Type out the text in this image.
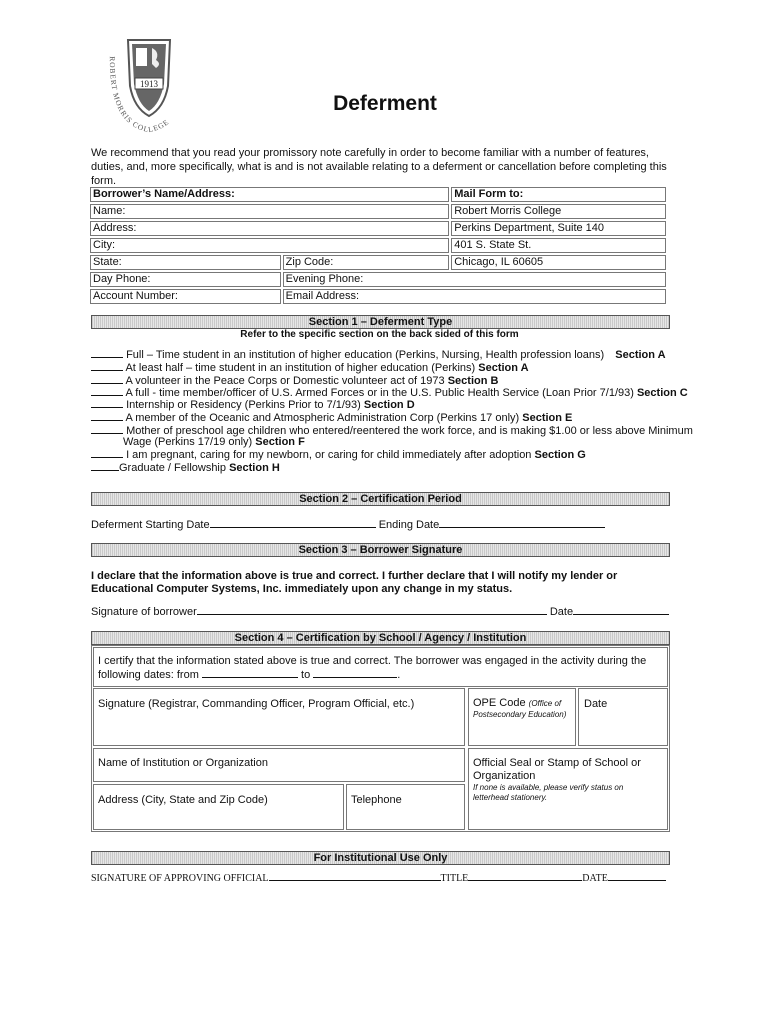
1913
ROBERT MORRIS COLLEGE
Deferment
We recommend that you read your promissory note carefully in order to become familiar with a number of features, duties, and, more specifically, what is and is not available relating to a deferment or cancellation before completing this form.
Borrower’s Name/Address:		Mail Form to:
Name:		Robert Morris College
Address:		Perkins Department, Suite 140
City:		401 S. State St.
State:	Zip Code:	Chicago, IL 60605
Day Phone:	Evening Phone:	
Account Number:	Email Address:	
Section 1 – Deferment Type
Refer to the specific section on the back sided of this form
Full – Time student in an institution of higher education (Perkins, Nursing, Health profession loans) Section A
At least half – time student in an institution of higher education (Perkins) Section A
A volunteer in the Peace Corps or Domestic volunteer act of 1973 Section B
A full - time member/officer of U.S. Armed Forces or in the U.S. Public Health Service (Loan Prior 7/1/93) Section C
Internship or Residency (Perkins Prior to 7/1/93) Section D
A member of the Oceanic and Atmospheric Administration Corp (Perkins 17 only) Section E
Mother of preschool age children who entered/reentered the work force, and is making $1.00 or less above Minimum
Wage (Perkins 17/19 only) Section F
I am pregnant, caring for my newborn, or caring for child immediately after adoption Section G
Graduate / Fellowship Section H
Section 2 – Certification Period
Deferment Starting Date	Ending Date
Section 3 – Borrower Signature
I declare that the information above is true and correct. I further declare that I will notify my lender or Educational Computer Systems, Inc. immediately upon any change in my status.
Signature of borrower	Date
Section 4 – Certification by School / Agency / Institution
I certify that the information stated above is true and correct. The borrower was engaged in the activity during the
following dates: from	to	.
Signature (Registrar, Commanding Officer, Program Official, etc.)	OPE Code (Office of Postsecondary Education)
Date
Name of Institution or Organization	Official Seal or Stamp of School or Organization
If none is available, please verify status on letterhead stationery.
Address (City, State and Zip Code)	Telephone
For Institutional Use Only
SIGNATURE OF APPROVING OFFICIAL	TITLE	DATE
